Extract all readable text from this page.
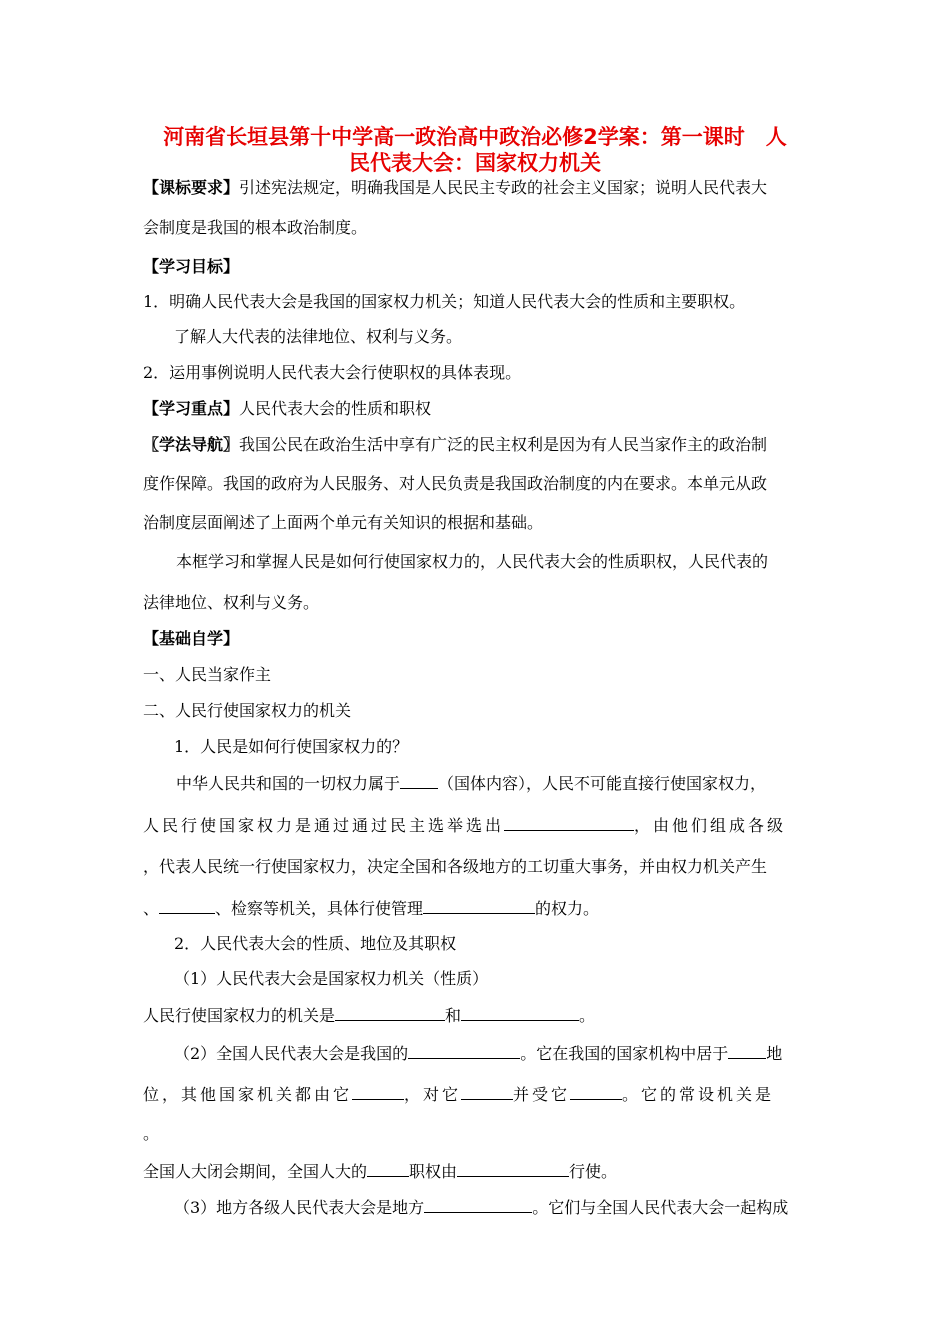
河南省长垣县第十中学高一政治高中政治必修2学案：第一课时　人
民代表大会：国家权力机关
【课标要求】引述宪法规定，明确我国是人民民主专政的社会主义国家；说明人民代表大
会制度是我国的根本政治制度。
【学习目标】
1．明确人民代表大会是我国的国家权力机关；知道人民代表大会的性质和主要职权。
了解人大代表的法律地位、权利与义务。
2．运用事例说明人民代表大会行使职权的具体表现。
【学习重点】人民代表大会的性质和职权
〖学法导航〗我国公民在政治生活中享有广泛的民主权利是因为有人民当家作主的政治制
度作保障。我国的政府为人民服务、对人民负责是我国政治制度的内在要求。本单元从政
治制度层面阐述了上面两个单元有关知识的根据和基础。
本框学习和掌握人民是如何行使国家权力的，人民代表大会的性质职权，人民代表的
法律地位、权利与义务。
【基础自学】
一、人民当家作主
二、人民行使国家权力的机关
1．人民是如何行使国家权力的？
中华人民共和国的一切权力属于 （国体内容），人民不可能直接行使国家权力，
人民行使国家权力是通过通过民主选举选出	，由他们组成各级
，代表人民统一行使国家权力，决定全国和各级地方的工切重大事务，并由权力机关产生
、	、检察等机关，具体行使管理	的权力。
2．人民代表大会的性质、地位及其职权
（1）人民代表大会是国家权力机关（性质）
人民行使国家权力的机关是	和	。
（2）全国人民代表大会是我国的	。它在我国的国家机构中居于 地
位，其他国家机关都由它	，对它	并受它	。它的常设机关是
。
全国人大闭会期间，全国人大的	职权由	行使。
（3）地方各级人民代表大会是地方	。它们与全国人民代表大会一起构成
